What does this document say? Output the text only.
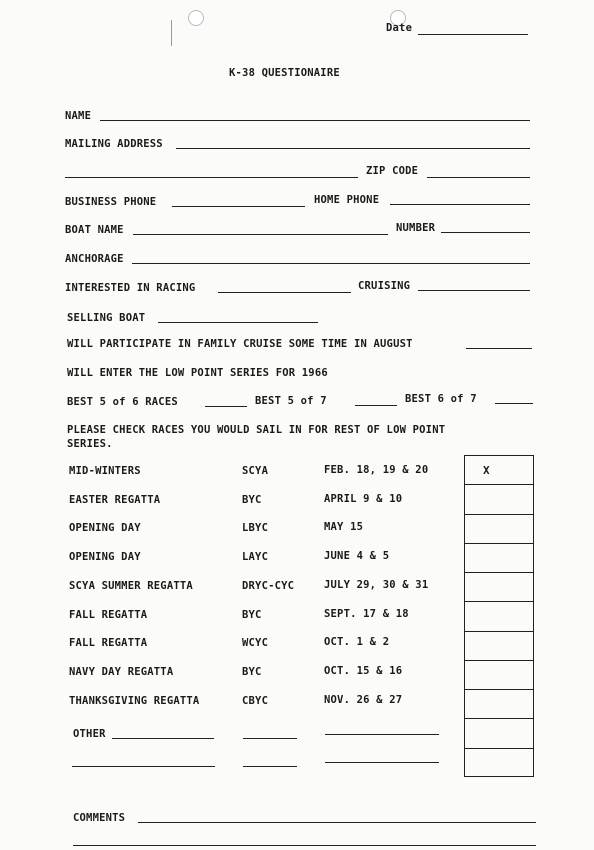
Date
K-38 QUESTIONAIRE
NAME
MAILING ADDRESS
ZIP CODE
BUSINESS PHONE	HOME PHONE
BOAT NAME	NUMBER
ANCHORAGE
INTERESTED IN RACING	CRUISING
SELLING BOAT
WILL PARTICIPATE IN FAMILY CRUISE SOME TIME IN AUGUST
WILL ENTER THE LOW POINT SERIES FOR 1966
BEST 5 of 6 RACES	BEST 5 of 7	BEST 6 of 7
PLEASE CHECK RACES YOU WOULD SAIL IN FOR REST OF LOW POINT
SERIES.
MID-WINTERS	SCYA	FEB. 18, 19 & 20	X
EASTER REGATTA	BYC	APRIL 9 & 10
OPENING DAY	LBYC	MAY 15
OPENING DAY	LAYC	JUNE 4 & 5
SCYA SUMMER REGATTA	DRYC-CYC	JULY 29, 30 & 31
FALL REGATTA	BYC	SEPT. 17 & 18
FALL REGATTA	WCYC	OCT. 1 & 2
NAVY DAY REGATTA	BYC	OCT. 15 & 16
THANKSGIVING REGATTA	CBYC	NOV. 26 & 27
OTHER
COMMENTS
